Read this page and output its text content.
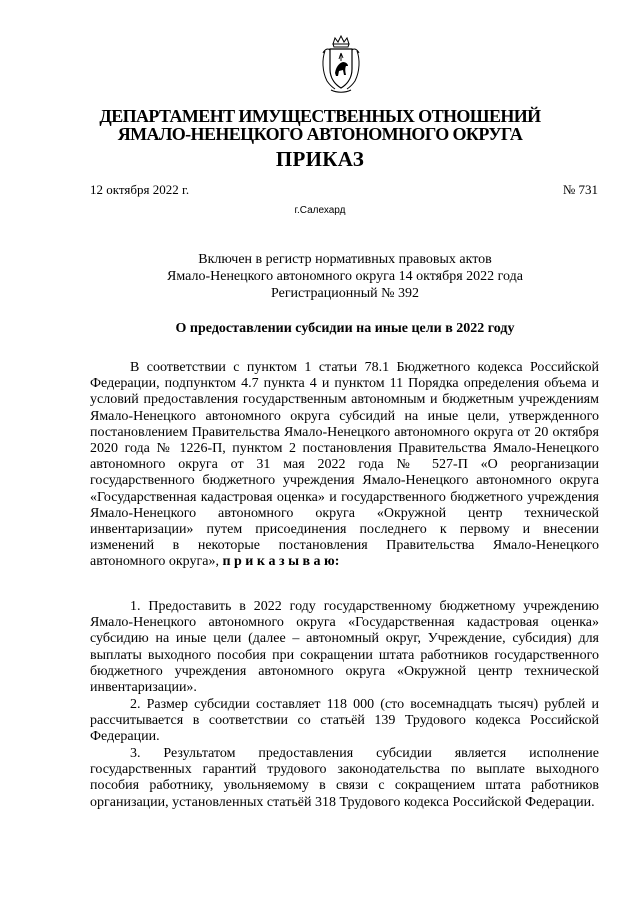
ДЕПАРТАМЕНТ ИМУЩЕСТВЕННЫХ ОТНОШЕНИЙ
ЯМАЛО-НЕНЕЦКОГО АВТОНОМНОГО ОКРУГА
ПРИКАЗ
12 октября 2022 г.	№ 731
г.Салехард
Включен в регистр нормативных правовых актов
Ямало-Ненецкого автономного округа 14 октября 2022 года
Регистрационный № 392
О предоставлении субсидии на иные цели в 2022 году

В соответствии с пунктом 1 статьи 78.1 Бюджетного кодекса Российской Федерации, подпунктом 4.7 пункта 4 и пунктом 11 Порядка определения объема и условий предоставления государственным автономным и бюджетным учреждениям Ямало-Ненецкого автономного округа субсидий на иные цели, утвержденного постановлением Правительства Ямало-Ненецкого автономного округа от 20 октября 2020 года № 1226-П, пунктом 2 постановления Правительства Ямало-Ненецкого автономного округа от 31 мая 2022 года № 527-П «О реорганизации государственного бюджетного учреждения Ямало-Ненецкого автономного округа «Государственная кадастровая оценка» и государственного бюджетного учреждения Ямало-Ненецкого автономного округа «Окружной центр технической инвентаризации» путем присоединения последнего к первому и внесении изменений в некоторые постановления Правительства Ямало-Ненецкого автономного округа», п р и к а з ы в а ю:

1. Предоставить в 2022 году государственному бюджетному учреждению Ямало-Ненецкого автономного округа «Государственная кадастровая оценка» субсидию на иные цели (далее – автономный округ, Учреждение, субсидия) для выплаты выходного пособия при сокращении штата работников государственного бюджетного учреждения автономного округа «Окружной центр технической инвентаризации».

2. Размер субсидии составляет 118 000 (сто восемнадцать тысяч) рублей и рассчитывается в соответствии со статьёй 139 Трудового кодекса Российской Федерации.

3. Результатом предоставления субсидии является исполнение государственных гарантий трудового законодательства по выплате выходного пособия работнику, увольняемому в связи с сокращением штата работников организации, установленных статьёй 318 Трудового кодекса Российской Федерации.
